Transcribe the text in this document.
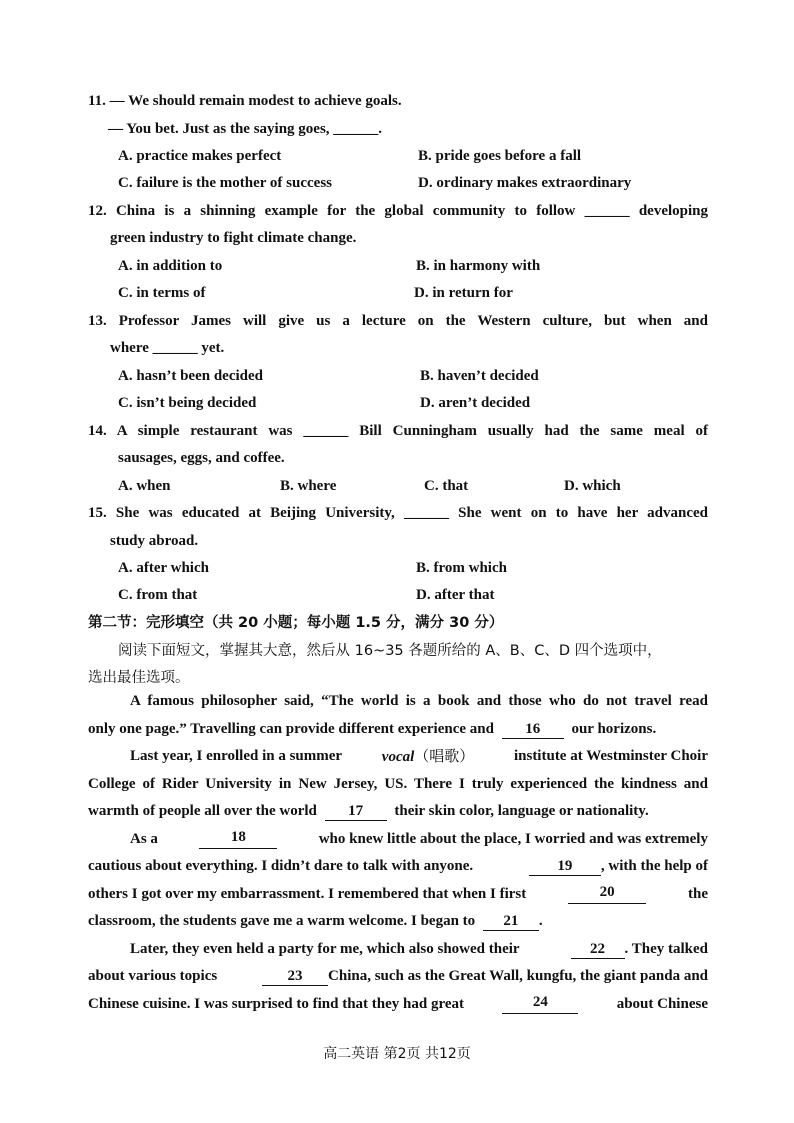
11. — We should remain modest to achieve goals.
— You bet. Just as the saying goes, ______.
A. practice makes perfect	B. pride goes before a fall
C. failure is the mother of success	D. ordinary makes extraordinary
12. China is a shinning example for the global community to follow ______ developing
green industry to fight climate change.
A. in addition to	B. in harmony with
C. in terms of	D. in return for
13. Professor James will give us a lecture on the Western culture, but when and
where ______ yet.
A. hasn’t been decided	B. haven’t decided
C. isn’t being decided	D. aren’t decided
14. A simple restaurant was ______ Bill Cunningham usually had the same meal of
sausages, eggs, and coffee.
A. when	B. where	C. that	D. which
15. She was educated at Beijing University, ______ She went on to have her advanced
study abroad.
A. after which	B. from which
C. from that	D. after that
第二节：完形填空（共 20 小题；每小题 1.5 分，满分 30 分）
阅读下面短文，掌握其大意，然后从 16~35 各题所给的 A、B、C、D 四个选项中，
选出最佳选项。
A famous philosopher said, “The world is a book and those who do not travel read
only one page.” Travelling can provide different experience and 16 our horizons.
Last year, I enrolled in a summer	vocal（唱歌）	institute at Westminster Choir
College of Rider University in New Jersey, US. There I truly experienced the kindness and
warmth of people all over the world 17 their skin color, language or nationality.
As a	18	who knew little about the place, I worried and was extremely
cautious about everything. I didn’t dare to talk with anyone.	19 , with the help of
others I got over my embarrassment. I remembered that when I first	20	the
classroom, the students gave me a warm welcome. I began to 21 .
Later, they even held a party for me, which also showed their	22 . They talked
about various topics	23 China, such as the Great Wall, kungfu, the giant panda and
Chinese cuisine. I was surprised to find that they had great	24	about Chinese
高二英语 第2页 共12页
